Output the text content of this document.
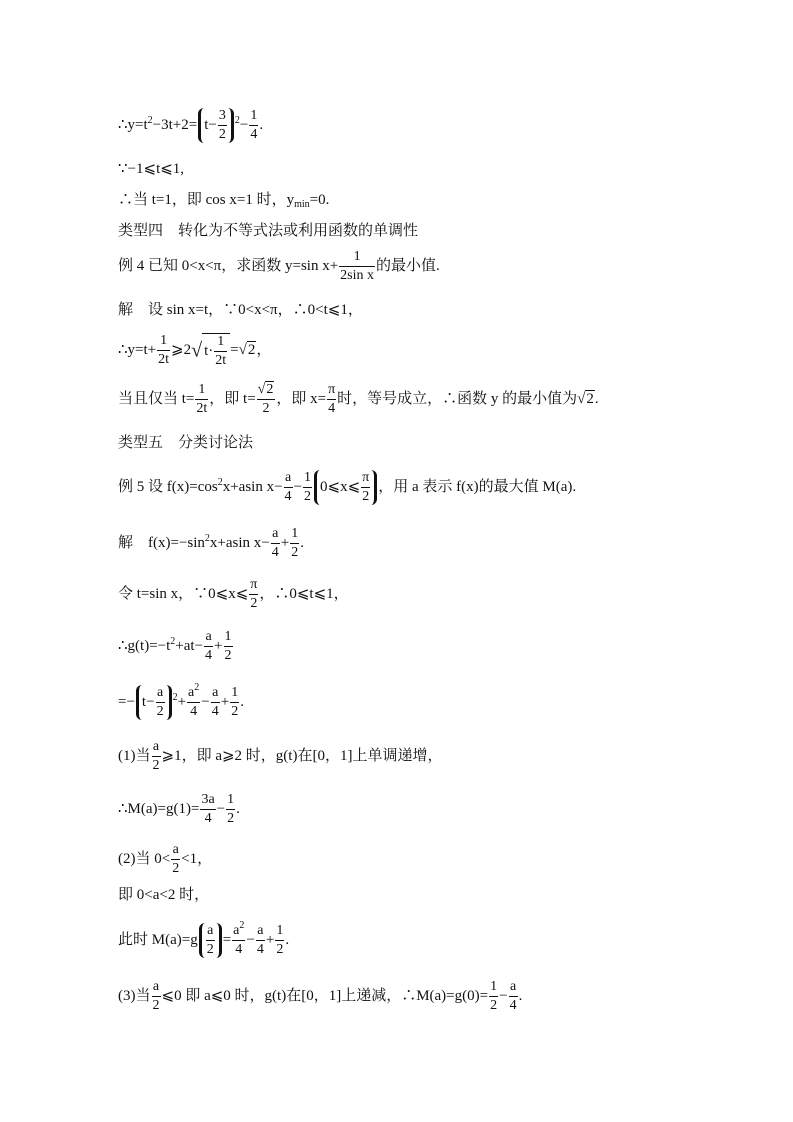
$\therefore y=t^2-3t+2= t- \frac{3}{2} ^2- \frac{1}{4}$ .
∵−1⩽t⩽1,
∴当 t=1，即 cos x=1 时，$y_{min}=0$.
类型四　转化为不等式法或利用函数的单调性
例 4 已知 0<x<π，求函数 y=sin $x+ \frac{1}{\text{2sin x}}$ 的最小值.
解　设 sin x=t，∵0<x<π，∴0<t⩽1，
∴y=t+ $\frac{1}{2t}$ ⩾2√ $t\cdot \frac{1}{2t} =√2$，
当且仅当 $t= \frac{1}{2t}$ ，即 $t= \frac{√2}{2}$ ，即 $x= \frac{\pi}{4}$ 时，等号成立，∴函数 y 的最小值为√2.
类型五　分类讨论法
例 5 设 $f(x)=\cos^2x+asin$ $x- \frac{a}{4} - \frac{1}{2}$ 0⩽x⩽ $\frac{\pi}{2}$ ，用 a 表示 f(x)的最大值 M(a).
解　$f(x)=-\sin^2x+asin$ $x- \frac{a}{4} + \frac{1}{2}$ .
令 t=sin x，∵0⩽x⩽ $\frac{\pi}{2}$ ，∴0⩽t⩽1，
$\therefore g(t)=-t^2+at- \frac{a}{4} + \frac{1}{2}$
=− $t- \frac{a}{2} ^2+ \frac{a^2}{4} - \frac{a}{4} + \frac{1}{2}$ .
(1)当 $\frac{a}{2}$ ⩾1，即 a⩾2 时，g(t)在[0，1]上单调递增，
∴M(a)=g(1)= $\frac{3a}{4} - \frac{1}{2}$ .
(2)当 $0< \frac{a}{2} <1$，
即 0<a<2 时，
此时 $M(a)=g \frac{a}{2} = \frac{a^2}{4} - \frac{a}{4} + \frac{1}{2}$ .
(3)当 $\frac{a}{2}$ ⩽0 即 a⩽0 时，g(t)在[0，1]上递减，∴M(a)=g(0)= $\frac{1}{2} - \frac{a}{4}$ .
